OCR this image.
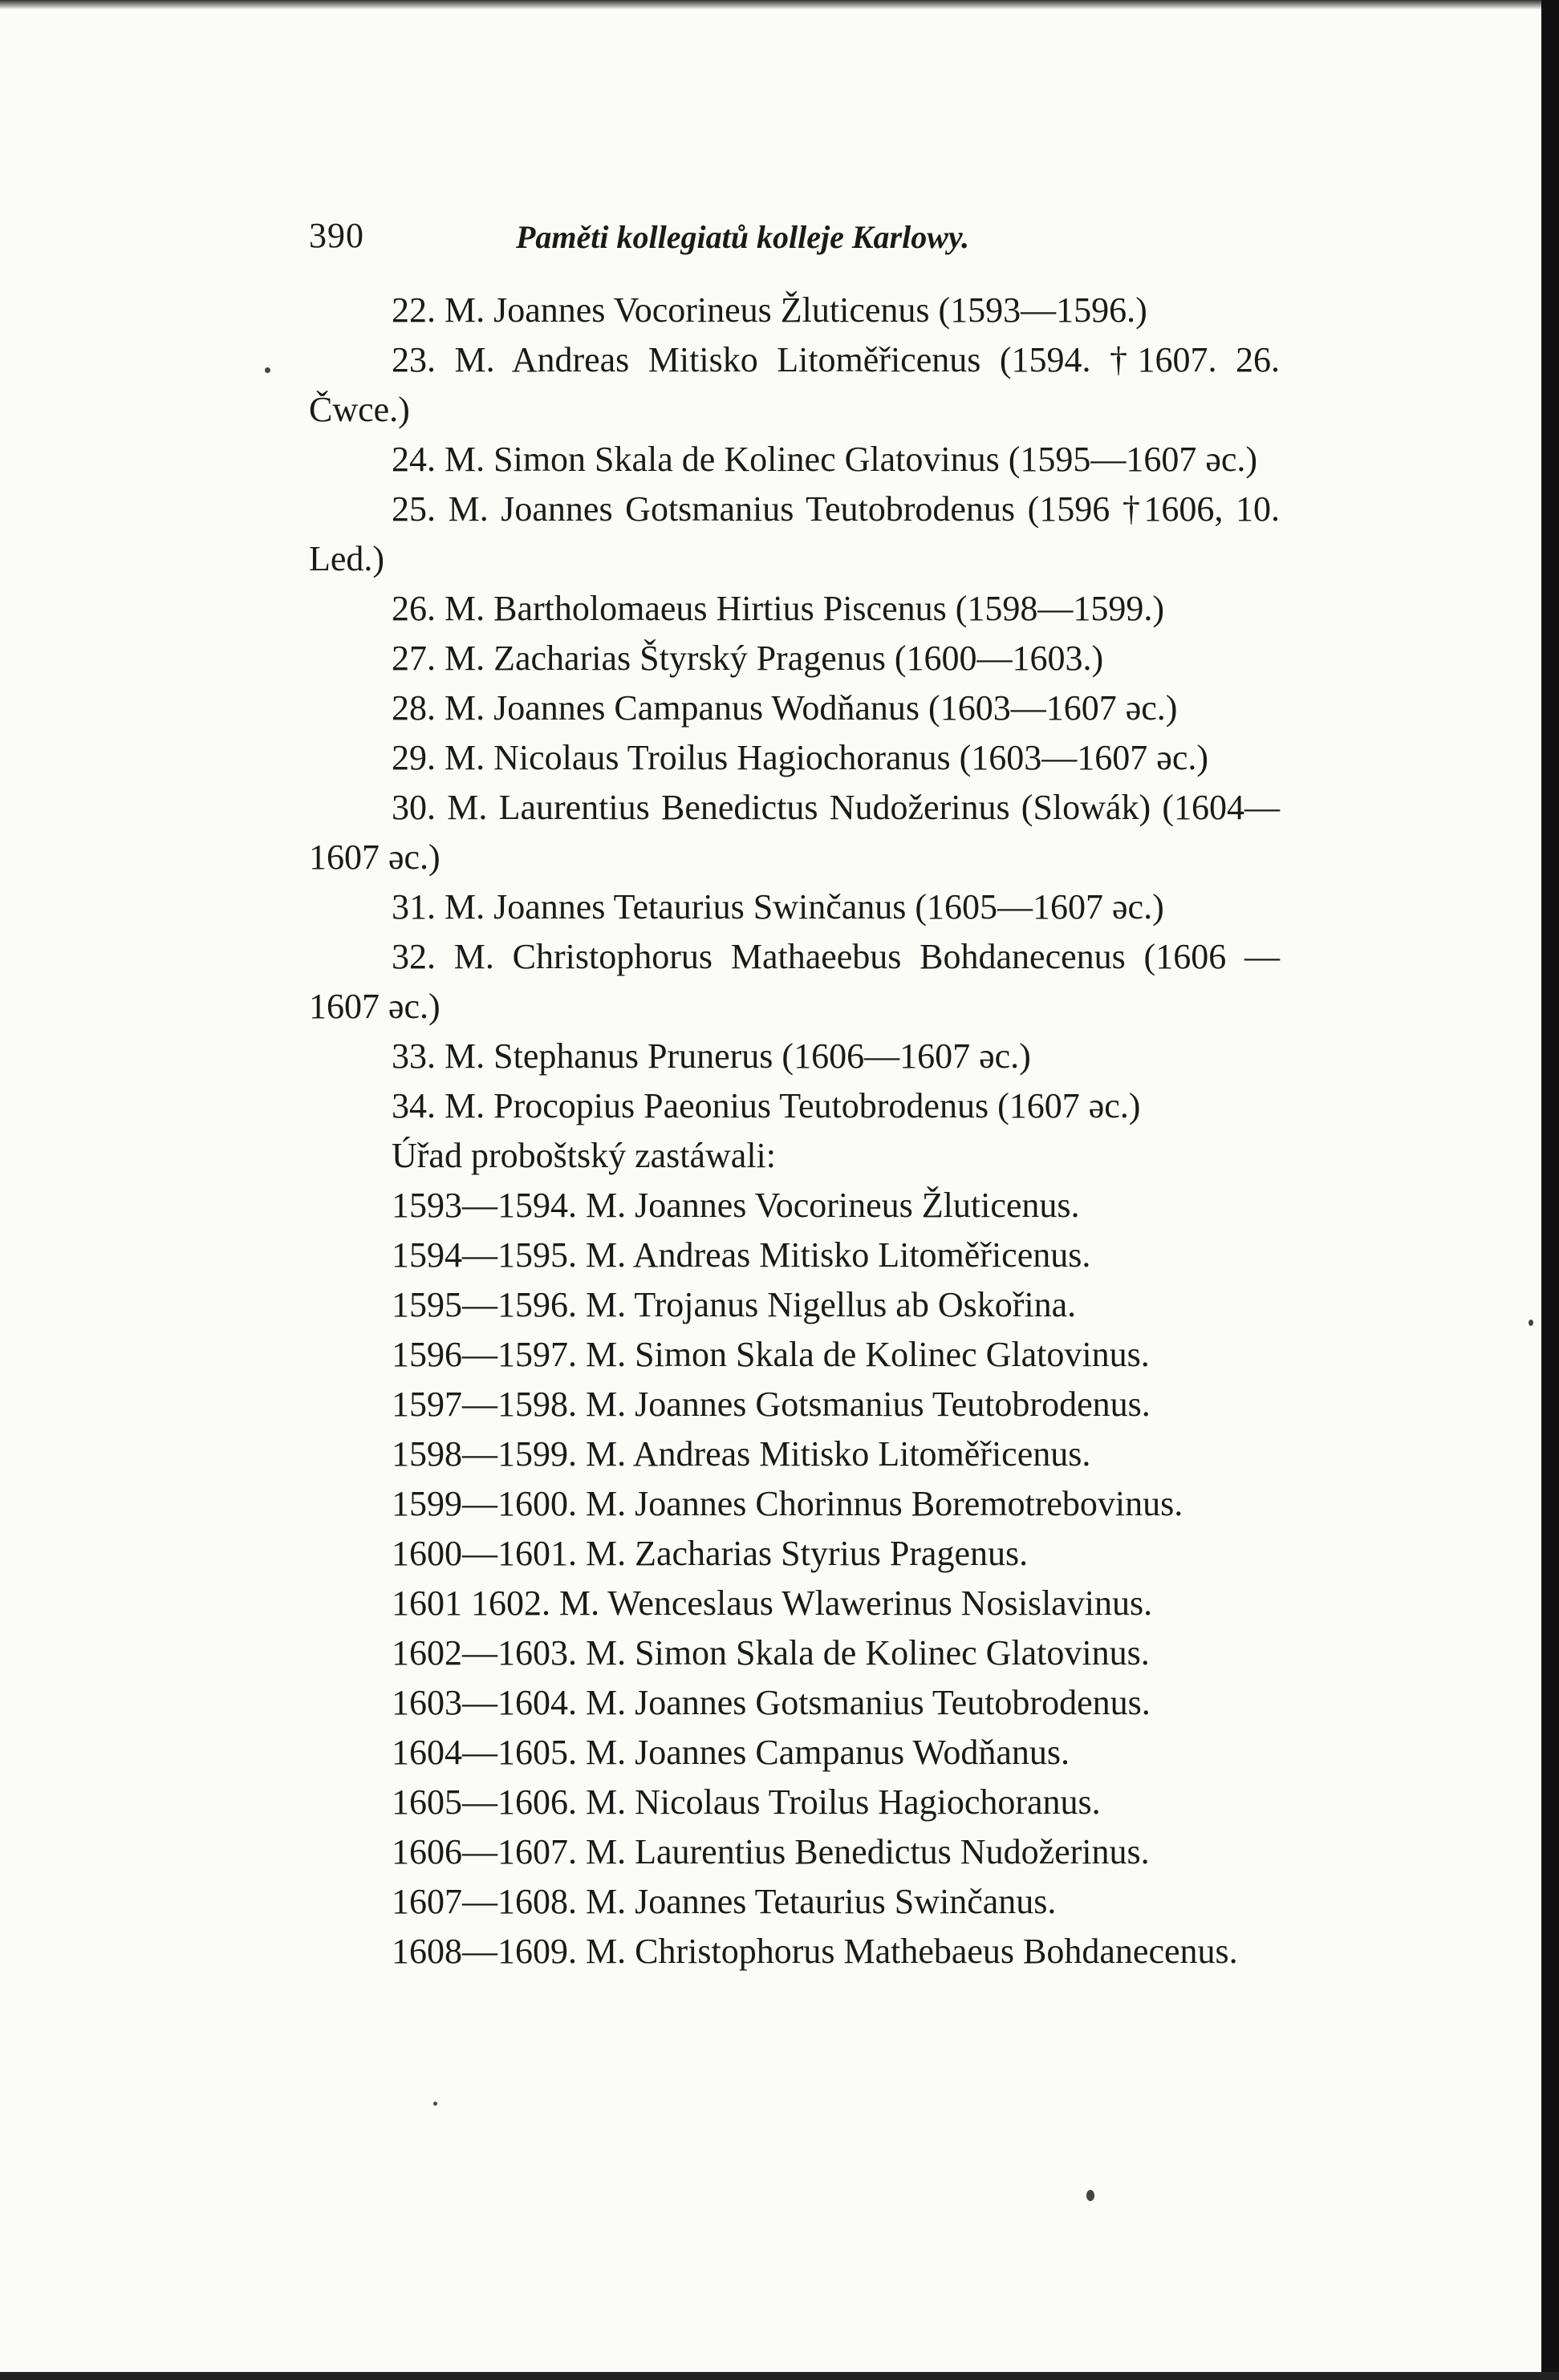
390	Paměti kollegiatů kolleje Karlowy.

22. M. Joannes Vocorineus Žluticenus (1593—1596.)

23. M. Andreas Mitisko Litoměřicenus (1594. †1607. 26. Čwce.)

24. M. Simon Skala de Kolinec Glatovinus (1595—1607 əc.)

25. M. Joannes Gotsmanius Teutobrodenus (1596 †1606, 10. Led.)

26. M. Bartholomaeus Hirtius Piscenus (1598—1599.)

27. M. Zacharias Štyrský Pragenus (1600—1603.)

28. M. Joannes Campanus Wodňanus (1603—1607 əc.)

29. M. Nicolaus Troilus Hagiochoranus (1603—1607 əc.)

30. M. Laurentius Benedictus Nudožerinus (Slowák) (1604—1607 əc.)

31. M. Joannes Tetaurius Swinčanus (1605—1607 əc.)

32. M. Christophorus Mathaeebus Bohdanecenus (1606 —1607 əc.)

33. M. Stephanus Prunerus (1606—1607 əc.)

34. M. Procopius Paeonius Teutobrodenus (1607 əc.)

Úřad proboštský zastáwali:

1593—1594. M. Joannes Vocorineus Žluticenus.

1594—1595. M. Andreas Mitisko Litoměřicenus.

1595—1596. M. Trojanus Nigellus ab Oskořina.

1596—1597. M. Simon Skala de Kolinec Glatovinus.

1597—1598. M. Joannes Gotsmanius Teutobrodenus.

1598—1599. M. Andreas Mitisko Litoměřicenus.

1599—1600. M. Joannes Chorinnus Boremotrebovinus.

1600—1601. M. Zacharias Styrius Pragenus.

1601 1602. M. Wenceslaus Wlawerinus Nosislavinus.

1602—1603. M. Simon Skala de Kolinec Glatovinus.

1603—1604. M. Joannes Gotsmanius Teutobrodenus.

1604—1605. M. Joannes Campanus Wodňanus.

1605—1606. M. Nicolaus Troilus Hagiochoranus.

1606—1607. M. Laurentius Benedictus Nudožerinus.

1607—1608. M. Joannes Tetaurius Swinčanus.

1608—1609. M. Christophorus Mathebaeus Bohdanecenus.
